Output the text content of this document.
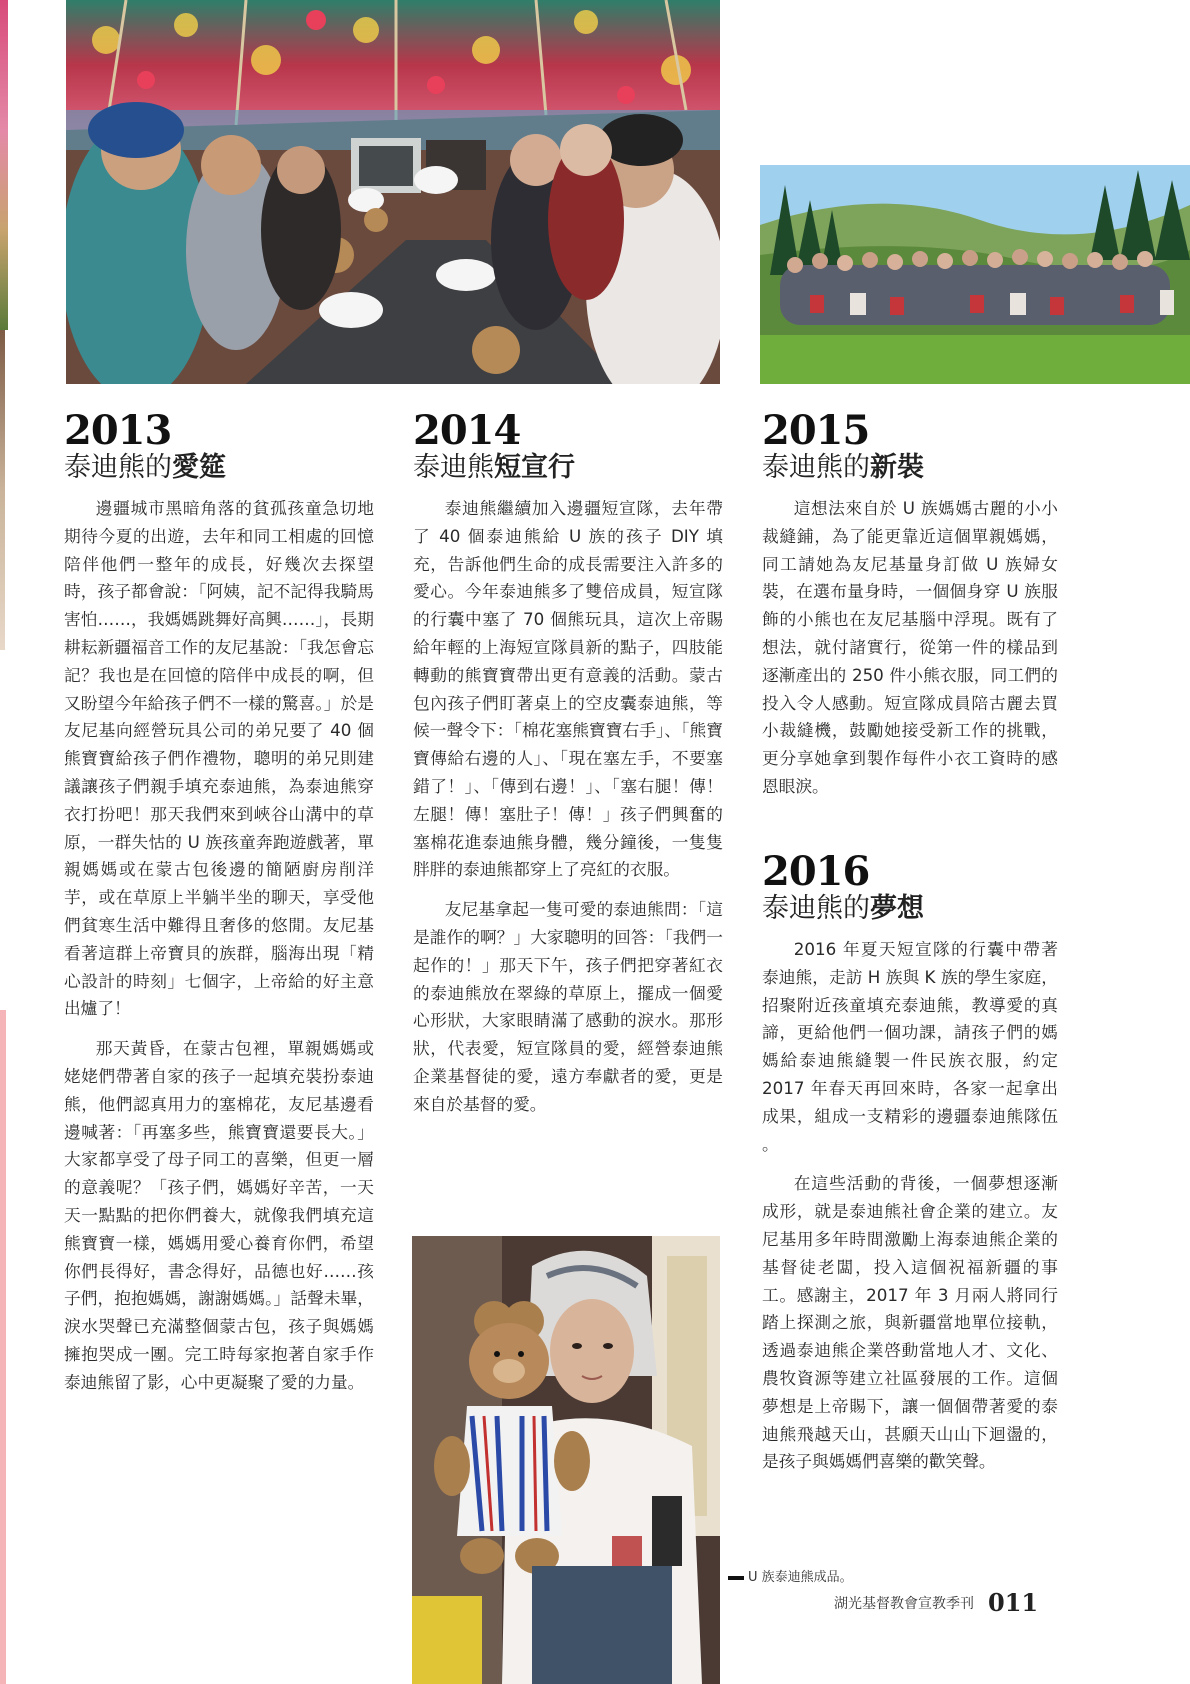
2013
泰迪熊的愛筵

邊疆城市黑暗角落的貧孤孩童急切地期待今夏的出遊，去年和同工相處的回憶陪伴他們一整年的成長，好幾次去探望時，孩子都會說：「阿姨，記不記得我騎馬害怕……，我媽媽跳舞好高興……」，長期耕耘新疆福音工作的友尼基說：「我怎會忘記？我也是在回憶的陪伴中成長的啊，但又盼望今年給孩子們不一樣的驚喜。」於是友尼基向經營玩具公司的弟兄要了 40 個熊寶寶給孩子們作禮物，聰明的弟兄則建議讓孩子們親手填充泰迪熊，為泰迪熊穿衣打扮吧！那天我們來到峽谷山溝中的草原，一群失怙的 U 族孩童奔跑遊戲著，單親媽媽或在蒙古包後邊的簡陋廚房削洋芋，或在草原上半躺半坐的聊天，享受他們貧寒生活中難得且奢侈的悠閒。友尼基看著這群上帝寶貝的族群，腦海出現「精心設計的時刻」七個字，上帝給的好主意出爐了！

那天黃昏，在蒙古包裡，單親媽媽或姥姥們帶著自家的孩子一起填充裝扮泰迪熊，他們認真用力的塞棉花，友尼基邊看邊喊著：「再塞多些，熊寶寶還要長大。」大家都享受了母子同工的喜樂，但更一層的意義呢？「孩子們，媽媽好辛苦，一天天一點點的把你們養大，就像我們填充這熊寶寶一樣，媽媽用愛心養育你們，希望你們長得好，書念得好，品德也好……孩子們，抱抱媽媽，謝謝媽媽。」話聲未畢，淚水哭聲已充滿整個蒙古包，孩子與媽媽擁抱哭成一團。完工時每家抱著自家手作泰迪熊留了影，心中更凝聚了愛的力量。

2014
泰迪熊短宣行

泰迪熊繼續加入邊疆短宣隊，去年帶了 40 個泰迪熊給 U 族的孩子 DIY 填充，告訴他們生命的成長需要注入許多的愛心。今年泰迪熊多了雙倍成員，短宣隊的行囊中塞了 70 個熊玩具，這次上帝賜給年輕的上海短宣隊員新的點子，四肢能轉動的熊寶寶帶出更有意義的活動。蒙古包內孩子們盯著桌上的空皮囊泰迪熊，等候一聲令下：「棉花塞熊寶寶右手」、「熊寶寶傳給右邊的人」、「現在塞左手，不要塞錯了！」、「傳到右邊！」、「塞右腿！傳！左腿！傳！塞肚子！傳！」孩子們興奮的塞棉花進泰迪熊身體，幾分鐘後，一隻隻胖胖的泰迪熊都穿上了亮紅的衣服。

友尼基拿起一隻可愛的泰迪熊問：「這是誰作的啊？」大家聰明的回答：「我們一起作的！」那天下午，孩子們把穿著紅衣的泰迪熊放在翠綠的草原上，擺成一個愛心形狀，大家眼睛滿了感動的淚水。那形狀，代表愛，短宣隊員的愛，經營泰迪熊企業基督徒的愛，遠方奉獻者的愛，更是來自於基督的愛。

2015
泰迪熊的新裝

這想法來自於 U 族媽媽古麗的小小裁縫鋪，為了能更靠近這個單親媽媽，同工請她為友尼基量身訂做 U 族婦女裝，在選布量身時，一個個身穿 U 族服飾的小熊也在友尼基腦中浮現。既有了想法，就付諸實行，從第一件的樣品到逐漸產出的 250 件小熊衣服，同工們的投入令人感動。短宣隊成員陪古麗去買小裁縫機，鼓勵她接受新工作的挑戰，更分享她拿到製作每件小衣工資時的感恩眼淚。

2016
泰迪熊的夢想

2016 年夏天短宣隊的行囊中帶著泰迪熊，走訪 H 族與 K 族的學生家庭，招聚附近孩童填充泰迪熊，教導愛的真諦，更給他們一個功課，請孩子們的媽媽給泰迪熊縫製一件民族衣服，約定 2017 年春天再回來時，各家一起拿出成果，組成一支精彩的邊疆泰迪熊隊伍 。

在這些活動的背後，一個夢想逐漸成形，就是泰迪熊社會企業的建立。友尼基用多年時間激勵上海泰迪熊企業的基督徒老闆，投入這個祝福新疆的事工。感謝主，2017 年 3 月兩人將同行踏上探測之旅，與新疆當地單位接軌，透過泰迪熊企業啓動當地人才、文化、農牧資源等建立社區發展的工作。這個夢想是上帝賜下，讓一個個帶著愛的泰迪熊飛越天山，甚願天山山下迴盪的，是孩子與媽媽們喜樂的歡笑聲。

U 族泰迪熊成品。
湖光基督教會宣教季刊 011
